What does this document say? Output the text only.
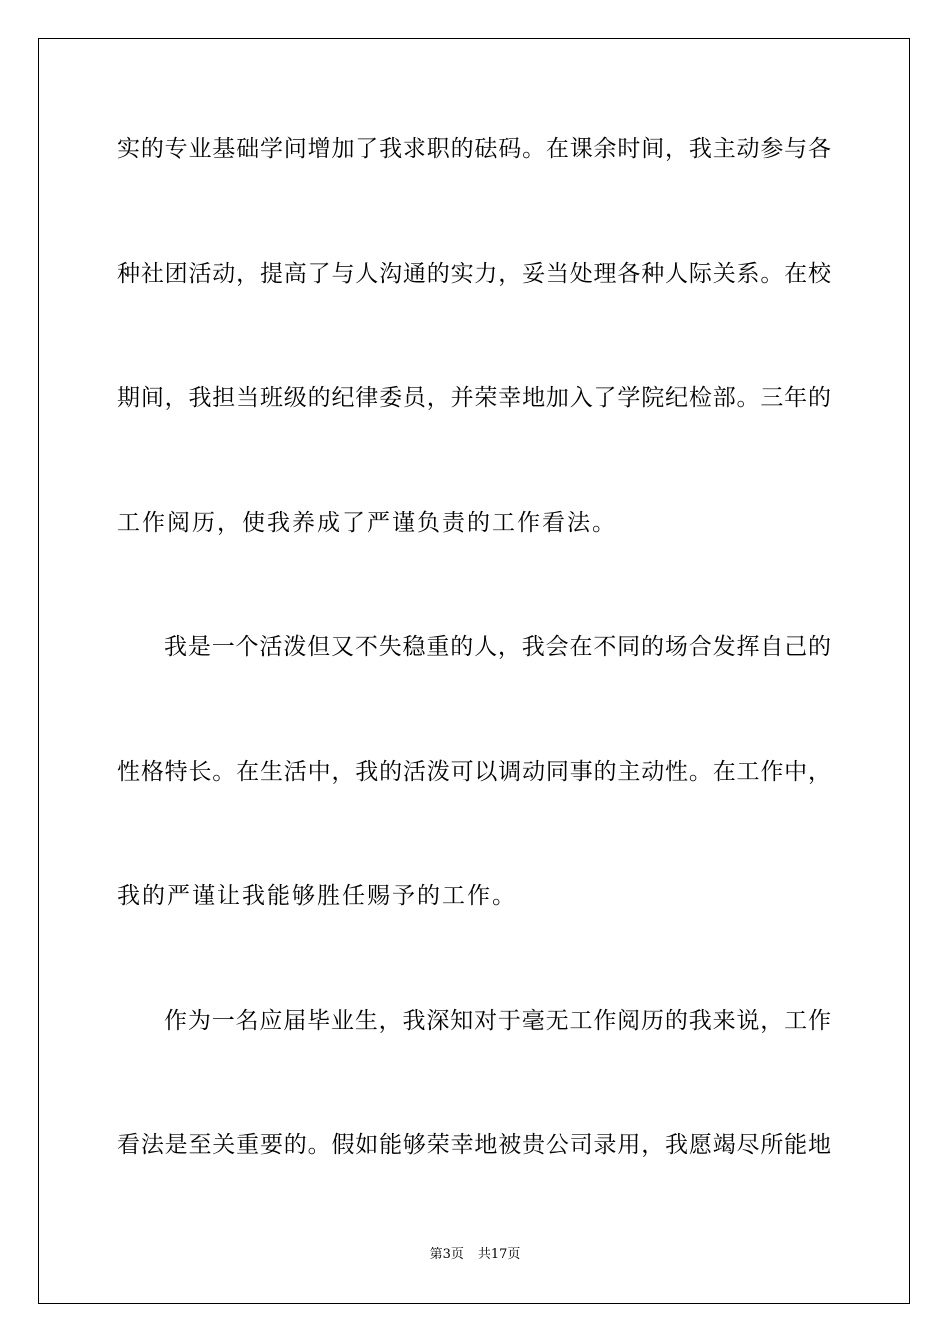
实的专业基础学问增加了我求职的砝码。在课余时间，我主动参与各
种社团活动，提高了与人沟通的实力，妥当处理各种人际关系。在校
期间，我担当班级的纪律委员，并荣幸地加入了学院纪检部。三年的
工作阅历，使我养成了严谨负责的工作看法。
我是一个活泼但又不失稳重的人，我会在不同的场合发挥自己的
性格特长。在生活中，我的活泼可以调动同事的主动性。在工作中，
我的严谨让我能够胜任赐予的工作。
作为一名应届毕业生，我深知对于毫无工作阅历的我来说，工作
看法是至关重要的。假如能够荣幸地被贵公司录用，我愿竭尽所能地
第3页 共17页
